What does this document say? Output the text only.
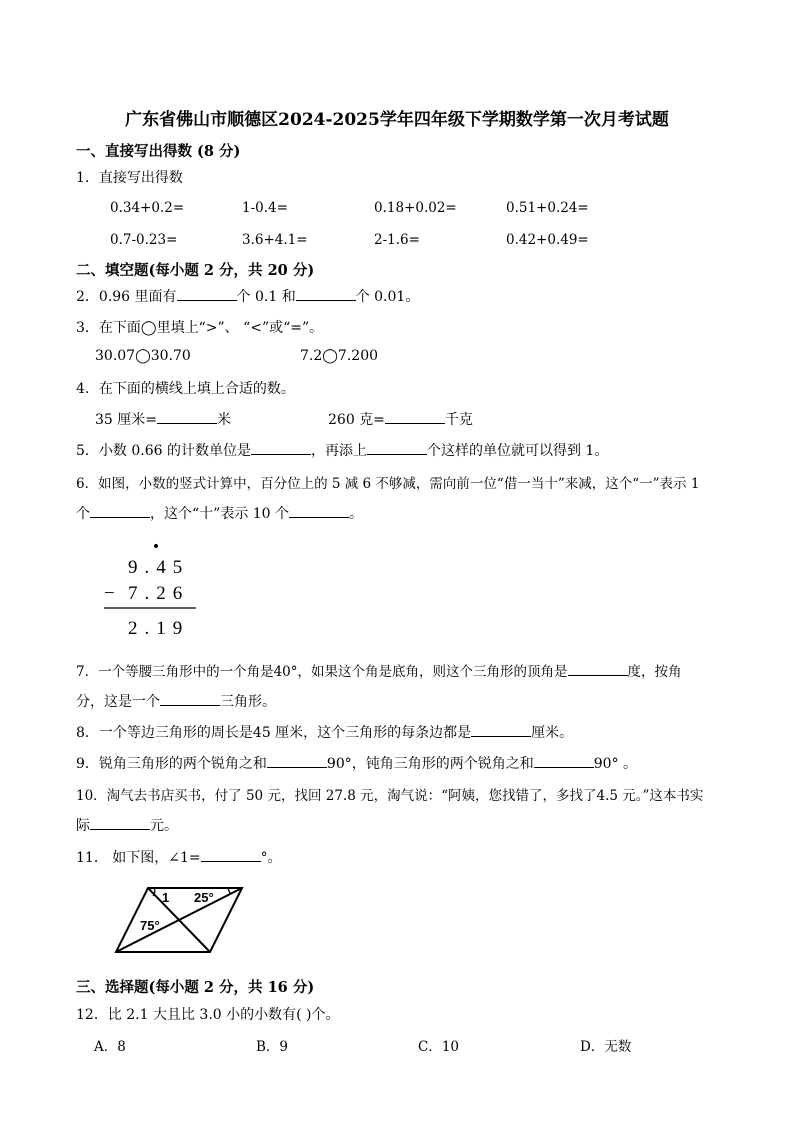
广东省佛山市顺德区2024-2025学年四年级下学期数学第一次月考试题
一、直接写出得数 (8 分)
1．直接写出得数
0.34+0.2=	1-0.4=	0.18+0.02=	0.51+0.24=
0.7-0.23=	3.6+4.1=	2-1.6=	0.42+0.49=
二、填空题(每小题 2 分，共 20 分)
2．0.96 里面有	个 0.1 和	个 0.01。
3．在下面◯里填上“>”、 “<”或“=”。
30.07◯30.70	7.2◯7.200
4．在下面的横线上填上合适的数。
35 厘米=	米	260 克=	千克
5．小数 0.66 的计数单位是	，再添上	个这样的单位就可以得到 1。
6．如图，小数的竖式计算中，百分位上的 5 减 6 不够减，需向前一位“借一当十”来减，这个“一”表示 1
个	，这个“十”表示 10 个	。
•
9.45
− 7.26
2.19
7．一个等腰三角形中的一个角是40°，如果这个角是底角，则这个三角形的顶角是	度，按角
分，这是一个	三角形。
8．一个等边三角形的周长是45 厘米，这个三角形的每条边都是	厘米。
9．锐角三角形的两个锐角之和	90°，钝角三角形的两个锐角之和	90° 。
10．淘气去书店买书，付了 50 元，找回 27.8 元，淘气说：“阿姨，您找错了，多找了4.5 元。”这本书实
际	元。
11． 如下图，∠1=	°。
1 25°
75°
三、选择题(每小题 2 分，共 16 分)
12．比 2.1 大且比 3.0 小的小数有( )个。
A．8	B．9	C．10	D．无数
